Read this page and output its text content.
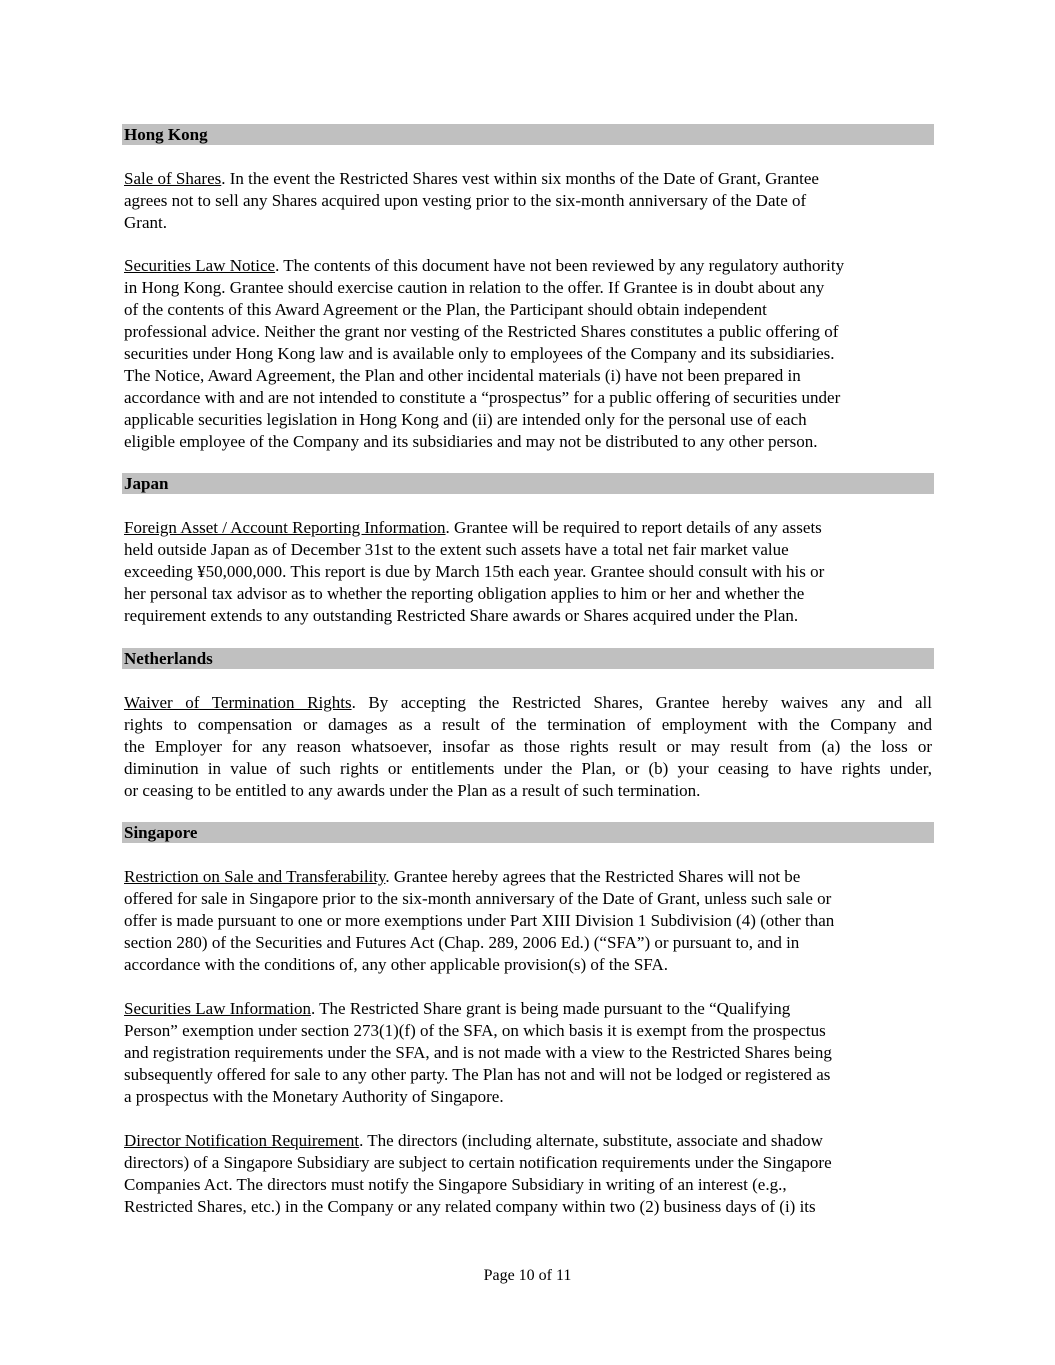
Hong Kong
Sale of Shares. In the event the Restricted Shares vest within six months of the Date of Grant, Grantee
agrees not to sell any Shares acquired upon vesting prior to the six-month anniversary of the Date of
Grant.
Securities Law Notice. The contents of this document have not been reviewed by any regulatory authority
in Hong Kong. Grantee should exercise caution in relation to the offer. If Grantee is in doubt about any
of the contents of this Award Agreement or the Plan, the Participant should obtain independent
professional advice. Neither the grant nor vesting of the Restricted Shares constitutes a public offering of
securities under Hong Kong law and is available only to employees of the Company and its subsidiaries.
The Notice, Award Agreement, the Plan and other incidental materials (i) have not been prepared in
accordance with and are not intended to constitute a “prospectus” for a public offering of securities under
applicable securities legislation in Hong Kong and (ii) are intended only for the personal use of each
eligible employee of the Company and its subsidiaries and may not be distributed to any other person.
Japan
Foreign Asset / Account Reporting Information. Grantee will be required to report details of any assets
held outside Japan as of December 31st to the extent such assets have a total net fair market value
exceeding ¥50,000,000. This report is due by March 15th each year. Grantee should consult with his or
her personal tax advisor as to whether the reporting obligation applies to him or her and whether the
requirement extends to any outstanding Restricted Share awards or Shares acquired under the Plan.
Netherlands
Waiver of Termination Rights. By accepting the Restricted Shares, Grantee hereby waives any and all
rights to compensation or damages as a result of the termination of employment with the Company and
the Employer for any reason whatsoever, insofar as those rights result or may result from (a) the loss or
diminution in value of such rights or entitlements under the Plan, or (b) your ceasing to have rights under,
or ceasing to be entitled to any awards under the Plan as a result of such termination.
Singapore
Restriction on Sale and Transferability. Grantee hereby agrees that the Restricted Shares will not be
offered for sale in Singapore prior to the six-month anniversary of the Date of Grant, unless such sale or
offer is made pursuant to one or more exemptions under Part XIII Division 1 Subdivision (4) (other than
section 280) of the Securities and Futures Act (Chap. 289, 2006 Ed.) (“SFA”) or pursuant to, and in
accordance with the conditions of, any other applicable provision(s) of the SFA.
Securities Law Information. The Restricted Share grant is being made pursuant to the “Qualifying
Person” exemption under section 273(1)(f) of the SFA, on which basis it is exempt from the prospectus
and registration requirements under the SFA, and is not made with a view to the Restricted Shares being
subsequently offered for sale to any other party. The Plan has not and will not be lodged or registered as
a prospectus with the Monetary Authority of Singapore.
Director Notification Requirement. The directors (including alternate, substitute, associate and shadow
directors) of a Singapore Subsidiary are subject to certain notification requirements under the Singapore
Companies Act. The directors must notify the Singapore Subsidiary in writing of an interest (e.g.,
Restricted Shares, etc.) in the Company or any related company within two (2) business days of (i) its
Page 10 of 11
